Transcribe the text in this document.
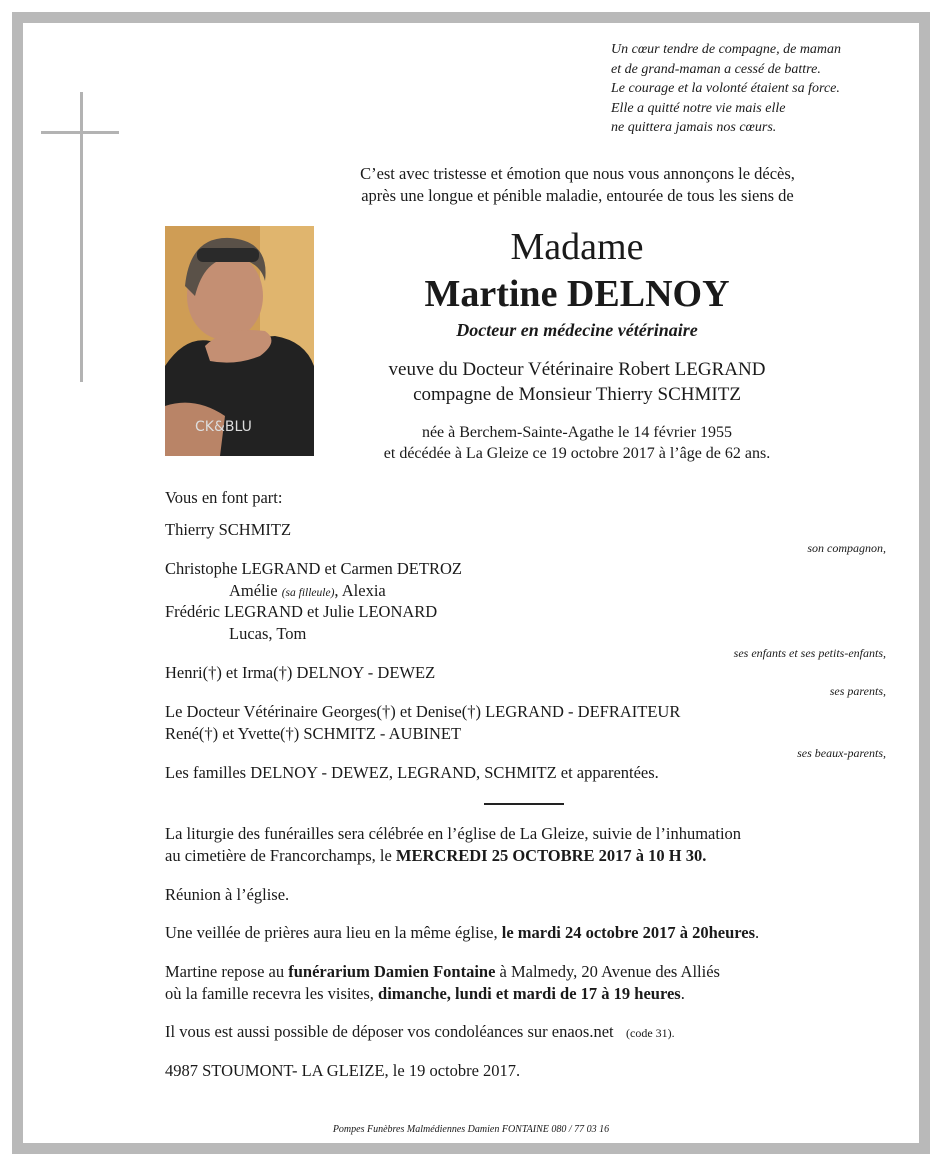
Un cœur tendre de compagne, de maman
et de grand-maman a cessé de battre.
Le courage et la volonté étaient sa force.
Elle a quitté notre vie mais elle
ne quittera jamais nos cœurs.
C’est avec tristesse et émotion que nous vous annonçons le décès,
après une longue et pénible maladie, entourée de tous les siens de
CK&BLU
Madame
Martine DELNOY
Docteur en médecine vétérinaire
veuve du Docteur Vétérinaire Robert LEGRAND
compagne de Monsieur Thierry SCHMITZ
née à Berchem-Sainte-Agathe le 14 février 1955
et décédée à La Gleize ce 19 octobre 2017 à l’âge de 62 ans.
Vous en font part:
Thierry SCHMITZ
son compagnon,
Christophe LEGRAND et Carmen DETROZ
Amélie (sa filleule), Alexia
Frédéric LEGRAND et Julie LEONARD
Lucas, Tom
ses enfants et ses petits-enfants,
Henri(†) et Irma(†) DELNOY - DEWEZ
ses parents,
Le Docteur Vétérinaire Georges(†) et Denise(†) LEGRAND - DEFRAITEUR
René(†) et Yvette(†) SCHMITZ - AUBINET
ses beaux-parents,
Les familles DELNOY - DEWEZ, LEGRAND, SCHMITZ et apparentées.
La liturgie des funérailles sera célébrée en l’église de La Gleize, suivie de l’inhumation
au cimetière de Francorchamps, le MERCREDI 25 OCTOBRE 2017 à 10 H 30.
Réunion à l’église.
Une veillée de prières aura lieu en la même église, le mardi 24 octobre 2017 à 20heures.
Martine repose au funérarium Damien Fontaine à Malmedy, 20 Avenue des Alliés
où la famille recevra les visites, dimanche, lundi et mardi de 17 à 19 heures.
Il vous est aussi possible de déposer vos condoléances sur enaos.net (code 31).
4987 STOUMONT- LA GLEIZE, le 19 octobre 2017.
Pompes Funèbres Malmédiennes Damien FONTAINE 080 / 77 03 16
